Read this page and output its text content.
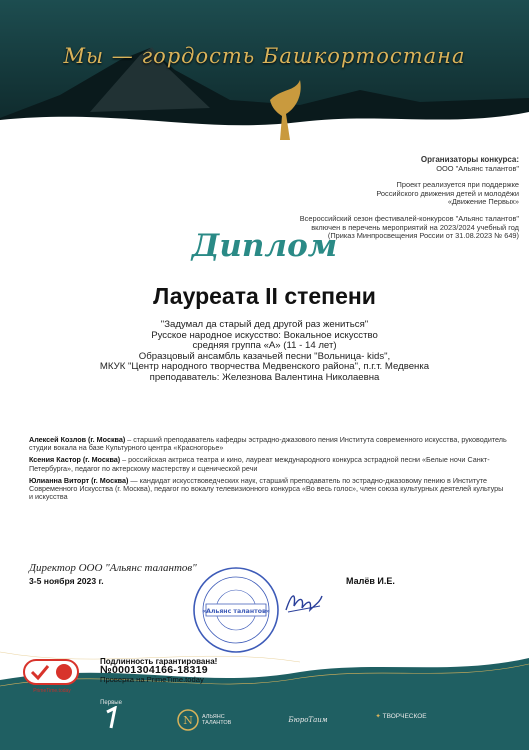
Мы — гордость Башкортостана
Организаторы конкурса:
ООО "Альянс талантов"
Проект реализуется при поддержке
Российского движения детей и молодёжи
«Движение Первых»
Всероссийский сезон фестивалей-конкурсов "Альянс талантов"
включен в перечень мероприятий на 2023/2024 учебный год
(Приказ Минпросвещения России от 31.08.2023 № 649)
Диплом
Лауреата II степени
"Задумал да старый дед другой раз жениться"
Русское народное искусство: Вокальное искусство
средняя группа «A» (11 - 14 лет)
Образцовый ансамбль казачьей песни "Вольница- kids",
МКУК "Центр народного творчества Медвенского района", п.г.т. Медвенка
преподаватель: Железнова Валентина Николаевна

Алексей Козлов (г. Москва) – старший преподаватель кафедры эстрадно-джазового пения Института современного искусства, руководитель студии вокала на базе Культурного центра «Красногорье»

Ксения Кастор (г. Москва) – российская актриса театра и кино, лауреат международного конкурса эстрадной песни «Белые ночи Санкт-Петербурга», педагог по актерскому мастерству и сценической речи

Юлианна Виторт (г. Москва) — кандидат искусствоведческих наук, старший преподаватель по эстрадно-джазовому пению в Институте Современного Искусства (г. Москва), педагог по вокалу телевизионного конкурса «Во весь голос», член союза культурных деятелей культуры и искусства

Директор ООО "Альянс талантов"
3-5 ноября 2023 г.	Малёв И.Е.
«Альянс талантов»
PrimeTime.today
Подлинность гарантирована!
№0001304166-18319
Проверка на PrimeTime.today
Первые
N АЛЬЯНС ТАЛАНТОВ	БюроТаим	✦ ТВОРЧЕСКОЕ
